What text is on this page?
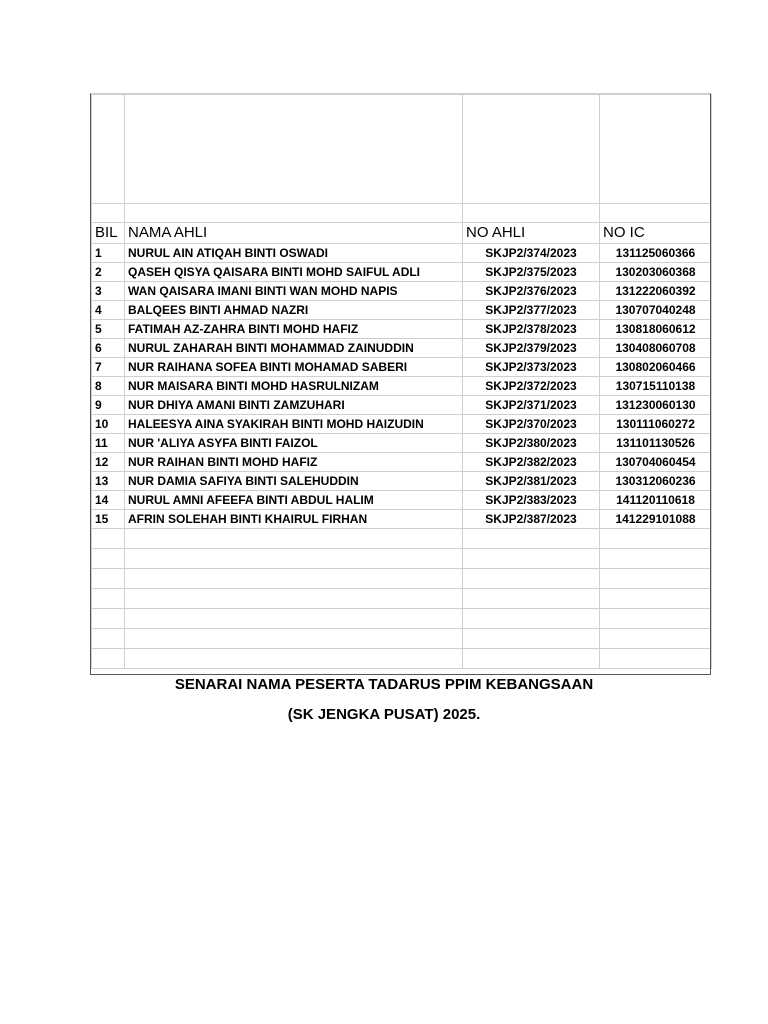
BIL	NAMA AHLI	NO AHLI	NO IC
1	NURUL AIN ATIQAH BINTI OSWADI	SKJP2/374/2023	131125060366
2	QASEH QISYA QAISARA BINTI MOHD SAIFUL ADLI	SKJP2/375/2023	130203060368
3	WAN QAISARA IMANI BINTI WAN MOHD NAPIS	SKJP2/376/2023	131222060392
4	BALQEES BINTI AHMAD NAZRI	SKJP2/377/2023	130707040248
5	FATIMAH AZ-ZAHRA BINTI MOHD HAFIZ	SKJP2/378/2023	130818060612
6	NURUL ZAHARAH BINTI MOHAMMAD ZAINUDDIN	SKJP2/379/2023	130408060708
7	NUR RAIHANA SOFEA BINTI MOHAMAD SABERI	SKJP2/373/2023	130802060466
8	NUR MAISARA BINTI MOHD HASRULNIZAM	SKJP2/372/2023	130715110138
9	NUR DHIYA AMANI BINTI ZAMZUHARI	SKJP2/371/2023	131230060130
10	HALEESYA AINA SYAKIRAH BINTI MOHD HAIZUDIN	SKJP2/370/2023	130111060272
11	NUR 'ALIYA ASYFA BINTI FAIZOL	SKJP2/380/2023	131101130526
12	NUR RAIHAN BINTI MOHD HAFIZ	SKJP2/382/2023	130704060454
13	NUR DAMIA SAFIYA BINTI SALEHUDDIN	SKJP2/381/2023	130312060236
14	NURUL AMNI AFEEFA BINTI ABDUL HALIM	SKJP2/383/2023	141120110618
15	AFRIN SOLEHAH BINTI KHAIRUL FIRHAN	SKJP2/387/2023	141229101088

SENARAI NAMA PESERTA TADARUS PPIM KEBANGSAAN
(SK JENGKA PUSAT) 2025.
